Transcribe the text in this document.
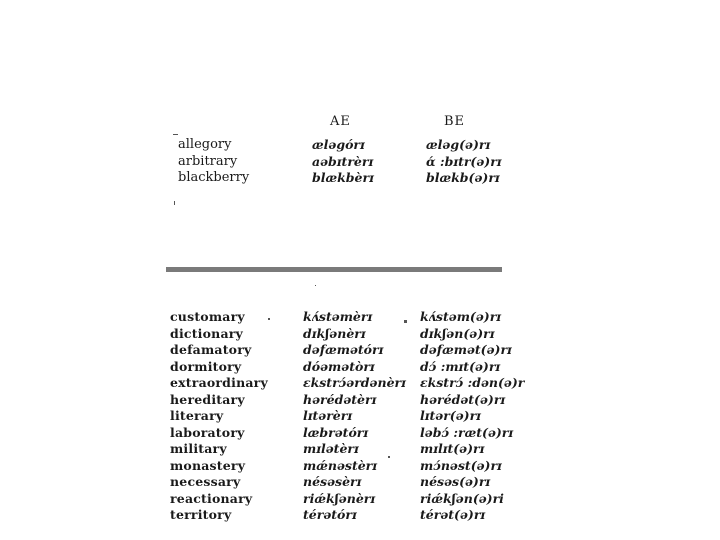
AE	BE
allegory
arbitrary
blackberry
ælәgórɪ
aәbɪtrèrɪ
blækbèrɪ
æləg(ə)rɪ
ɑ́ :bɪtr(ə)rɪ
blækb(ə)rɪ
customary
dictionary
defamatory
dormitory
extraordinary
hereditary
literary
laboratory
military
monastery
necessary
reactionary
territory
kʌ́stəmèrɪ
dɪkʃənèrɪ
dəfæmətórɪ
dóəmətòrɪ
ɛkstrɔ́ərdənèrɪ
hərédətèrɪ
lɪtərèrɪ
læbrətórɪ
mɪlətèrɪ
mǽnəstèrɪ
nésəsèrɪ
riǽkʃənèrɪ
térətórɪ
kʌ́stəm(ə)rɪ
dɪkʃən(ə)rɪ
dəfæmət(ə)rɪ
dɔ́ :mɪt(ə)rɪ
ɛkstrɔ́ :dən(ə)r
hərédət(ə)rɪ
lɪtər(ə)rɪ
ləbɔ́ :ræt(ə)rɪ
mɪlɪt(ə)rɪ
mɔ́nəst(ə)rɪ
nésəs(ə)rɪ
riǽkʃən(ə)ri
térət(ə)rɪ
